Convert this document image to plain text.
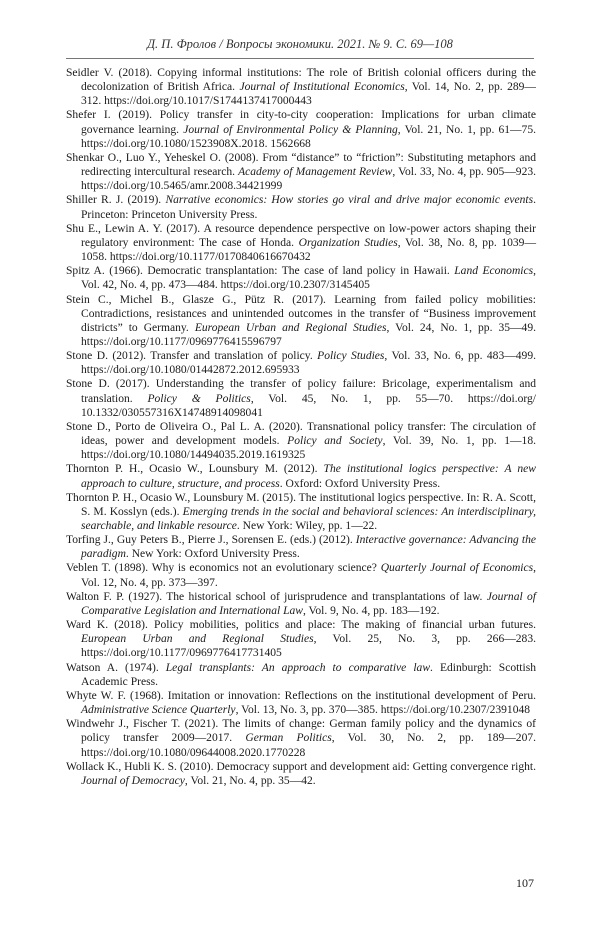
Д. П. Фролов / Вопросы экономики. 2021. № 9. С. 69—108
Seidler V. (2018). Copying informal institutions: The role of British colonial officers during the decolonization of British Africa. Journal of Institutional Economics, Vol. 14, No. 2, pp. 289—312. https://doi.org/10.1017/S1744137417000443
Shefer I. (2019). Policy transfer in city-to-city cooperation: Implications for urban climate governance learning. Journal of Environmental Policy & Planning, Vol. 21, No. 1, pp. 61—75. https://doi.org/10.1080/1523908X.2018. 1562668
Shenkar O., Luo Y., Yeheskel O. (2008). From “distance” to “friction”: Substituting metaphors and redirecting intercultural research. Academy of Management Review, Vol. 33, No. 4, pp. 905—923. https://doi.org/10.5465/amr.2008.34421999
Shiller R. J. (2019). Narrative economics: How stories go viral and drive major economic events. Princeton: Princeton University Press.
Shu E., Lewin A. Y. (2017). A resource dependence perspective on low-power actors shaping their regulatory environment: The case of Honda. Organization Studies, Vol. 38, No. 8, pp. 1039—1058. https://doi.org/10.1177/0170840616670432
Spitz A. (1966). Democratic transplantation: The case of land policy in Hawaii. Land Economics, Vol. 42, No. 4, pp. 473—484. https://doi.org/10.2307/3145405
Stein C., Michel B., Glasze G., Pütz R. (2017). Learning from failed policy mobilities: Contradictions, resistances and unintended outcomes in the transfer of “Business improvement districts” to Germany. European Urban and Regional Studies, Vol. 24, No. 1, pp. 35—49. https://doi.org/10.1177/0969776415596797
Stone D. (2012). Transfer and translation of policy. Policy Studies, Vol. 33, No. 6, pp. 483—499. https://doi.org/10.1080/01442872.2012.695933
Stone D. (2017). Understanding the transfer of policy failure: Bricolage, experimentalism and translation. Policy & Politics, Vol. 45, No. 1, pp. 55—70. https://doi.org/ 10.1332/030557316X14748914098041
Stone D., Porto de Oliveira O., Pal L. A. (2020). Transnational policy transfer: The circulation of ideas, power and development models. Policy and Society, Vol. 39, No. 1, pp. 1—18. https://doi.org/10.1080/14494035.2019.1619325
Thornton P. H., Ocasio W., Lounsbury M. (2012). The institutional logics perspective: A new approach to culture, structure, and process. Oxford: Oxford University Press.
Thornton P. H., Ocasio W., Lounsbury M. (2015). The institutional logics perspective. In: R. A. Scott, S. M. Kosslyn (eds.). Emerging trends in the social and behavioral sciences: An interdisciplinary, searchable, and linkable resource. New York: Wiley, pp. 1—22.
Torfing J., Guy Peters B., Pierre J., Sorensen E. (eds.) (2012). Interactive governance: Advancing the paradigm. New York: Oxford University Press.
Veblen T. (1898). Why is economics not an evolutionary science? Quarterly Journal of Economics, Vol. 12, No. 4, pp. 373—397.
Walton F. P. (1927). The historical school of jurisprudence and transplantations of law. Journal of Comparative Legislation and International Law, Vol. 9, No. 4, pp. 183—192.
Ward K. (2018). Policy mobilities, politics and place: The making of financial urban futures. European Urban and Regional Studies, Vol. 25, No. 3, pp. 266—283. https://doi.org/10.1177/0969776417731405
Watson A. (1974). Legal transplants: An approach to comparative law. Edinburgh: Scottish Academic Press.
Whyte W. F. (1968). Imitation or innovation: Reflections on the institutional development of Peru. Administrative Science Quarterly, Vol. 13, No. 3, pp. 370—385. https://doi.org/10.2307/2391048
Windwehr J., Fischer T. (2021). The limits of change: German family policy and the dynamics of policy transfer 2009—2017. German Politics, Vol. 30, No. 2, pp. 189—207. https://doi.org/10.1080/09644008.2020.1770228
Wollack K., Hubli K. S. (2010). Democracy support and development aid: Getting convergence right. Journal of Democracy, Vol. 21, No. 4, pp. 35—42.
107
